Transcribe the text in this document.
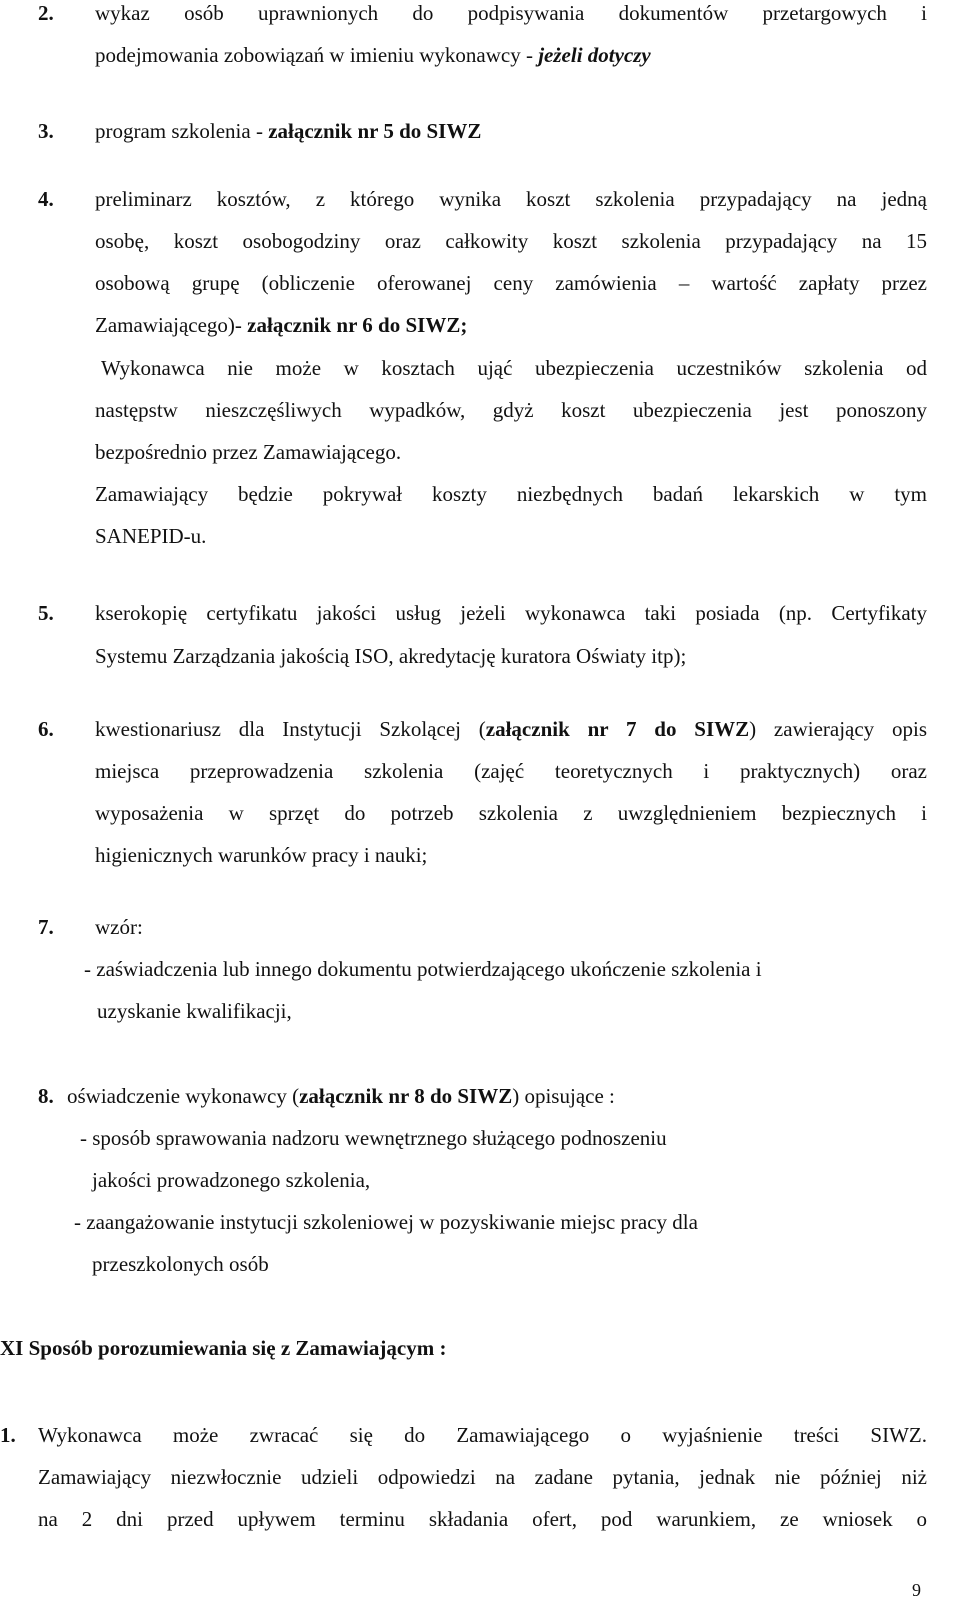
2. wykaz osób uprawnionych do podpisywania dokumentów przetargowych i
podejmowania zobowiązań w imieniu wykonawcy - jeżeli dotyczy
3. program szkolenia - załącznik nr 5 do SIWZ
4. preliminarz kosztów, z którego wynika koszt szkolenia przypadający na jedną
osobę, koszt osobogodziny oraz całkowity koszt szkolenia przypadający na 15
osobową grupę (obliczenie oferowanej ceny zamówienia – wartość zapłaty przez
Zamawiającego)- załącznik nr 6 do SIWZ;
Wykonawca nie może w kosztach ująć ubezpieczenia uczestników szkolenia od
następstw nieszczęśliwych wypadków, gdyż koszt ubezpieczenia jest ponoszony
bezpośrednio przez Zamawiającego.
Zamawiający będzie pokrywał koszty niezbędnych badań lekarskich w tym
SANEPID-u.
5. kserokopię certyfikatu jakości usług jeżeli wykonawca taki posiada (np. Certyfikaty
Systemu Zarządzania jakością ISO, akredytację kuratora Oświaty itp);
6. kwestionariusz dla Instytucji Szkolącej (załącznik nr 7 do SIWZ) zawierający opis
miejsca przeprowadzenia szkolenia (zajęć teoretycznych i praktycznych) oraz
wyposażenia w sprzęt do potrzeb szkolenia z uwzględnieniem bezpiecznych i
higienicznych warunków pracy i nauki;
7. wzór:
- zaświadczenia lub innego dokumentu potwierdzającego ukończenie szkolenia i
uzyskanie kwalifikacji,
8. oświadczenie wykonawcy (załącznik nr 8 do SIWZ) opisujące :
- sposób sprawowania nadzoru wewnętrznego służącego podnoszeniu
jakości prowadzonego szkolenia,
- zaangażowanie instytucji szkoleniowej w pozyskiwanie miejsc pracy dla
przeszkolonych osób
XI Sposób porozumiewania się z Zamawiającym :
1. Wykonawca może zwracać się do Zamawiającego o wyjaśnienie treści SIWZ.
Zamawiający niezwłocznie udzieli odpowiedzi na zadane pytania, jednak nie później niż
na 2 dni przed upływem terminu składania ofert, pod warunkiem, ze wniosek o
9
